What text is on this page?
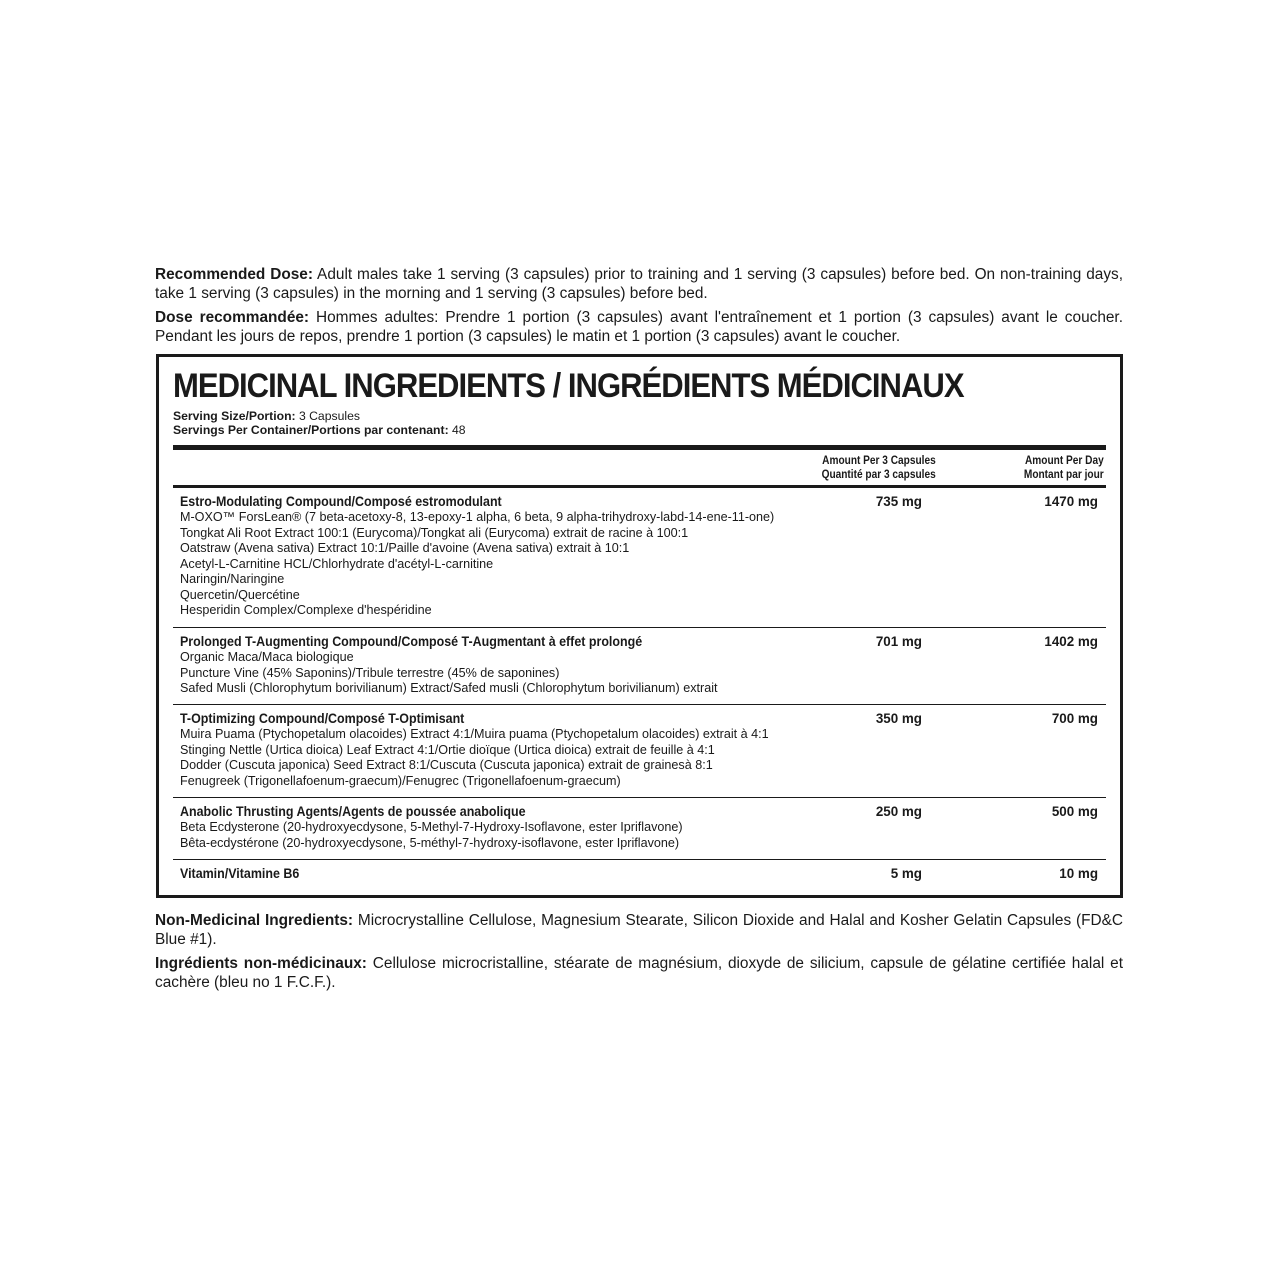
Recommended Dose: Adult males take 1 serving (3 capsules) prior to training and 1 serving (3 capsules) before bed. On non-training days, take 1 serving (3 capsules) in the morning and 1 serving (3 capsules) before bed.
Dose recommandée: Hommes adultes: Prendre 1 portion (3 capsules) avant l'entraînement et 1 portion (3 capsules) avant le coucher. Pendant les jours de repos, prendre 1 portion (3 capsules) le matin et 1 portion (3 capsules) avant le coucher.
MEDICINAL INGREDIENTS / INGRÉDIENTS MÉDICINAUX
Serving Size/Portion: 3 Capsules
Servings Per Container/Portions par contenant: 48
Amount Per 3 Capsules
Quantité par 3 capsules
Amount Per Day
Montant par jour
Estro-Modulating Compound/Composé estromodulant	735 mg	1470 mg
M-OXO™ ForsLean® (7 beta-acetoxy-8, 13-epoxy-1 alpha, 6 beta, 9 alpha-trihydroxy-labd-14-ene-11-one)
Tongkat Ali Root Extract 100:1 (Eurycoma)/Tongkat ali (Eurycoma) extrait de racine à 100:1
Oatstraw (Avena sativa) Extract 10:1/Paille d'avoine (Avena sativa) extrait à 10:1
Acetyl-L-Carnitine HCL/Chlorhydrate d'acétyl-L-carnitine
Naringin/Naringine
Quercetin/Quercétine
Hesperidin Complex/Complexe d'hespéridine
Prolonged T-Augmenting Compound/Composé T-Augmentant à effet prolongé	701 mg	1402 mg
Organic Maca/Maca biologique
Puncture Vine (45% Saponins)/Tribule terrestre (45% de saponines)
Safed Musli (Chlorophytum borivilianum) Extract/Safed musli (Chlorophytum borivilianum) extrait
T-Optimizing Compound/Composé T-Optimisant	350 mg	700 mg
Muira Puama (Ptychopetalum olacoides) Extract 4:1/Muira puama (Ptychopetalum olacoides) extrait à 4:1
Stinging Nettle (Urtica dioica) Leaf Extract 4:1/Ortie dioïque (Urtica dioica) extrait de feuille à 4:1
Dodder (Cuscuta japonica) Seed Extract 8:1/Cuscuta (Cuscuta japonica) extrait de grainesà 8:1
Fenugreek (Trigonellafoenum-graecum)/Fenugrec (Trigonellafoenum-graecum)
Anabolic Thrusting Agents/Agents de poussée anabolique	250 mg	500 mg
Beta Ecdysterone (20-hydroxyecdysone, 5-Methyl-7-Hydroxy-Isoflavone, ester Ipriflavone)
Bêta-ecdystérone (20-hydroxyecdysone, 5-méthyl-7-hydroxy-isoflavone, ester Ipriflavone)
Vitamin/Vitamine B6	5 mg	10 mg
Non-Medicinal Ingredients: Microcrystalline Cellulose, Magnesium Stearate, Silicon Dioxide and Halal and Kosher Gelatin Capsules (FD&C Blue #1).
Ingrédients non-médicinaux: Cellulose microcristalline, stéarate de magnésium, dioxyde de silicium, capsule de gélatine certifiée halal et cachère (bleu no 1 F.C.F.).
